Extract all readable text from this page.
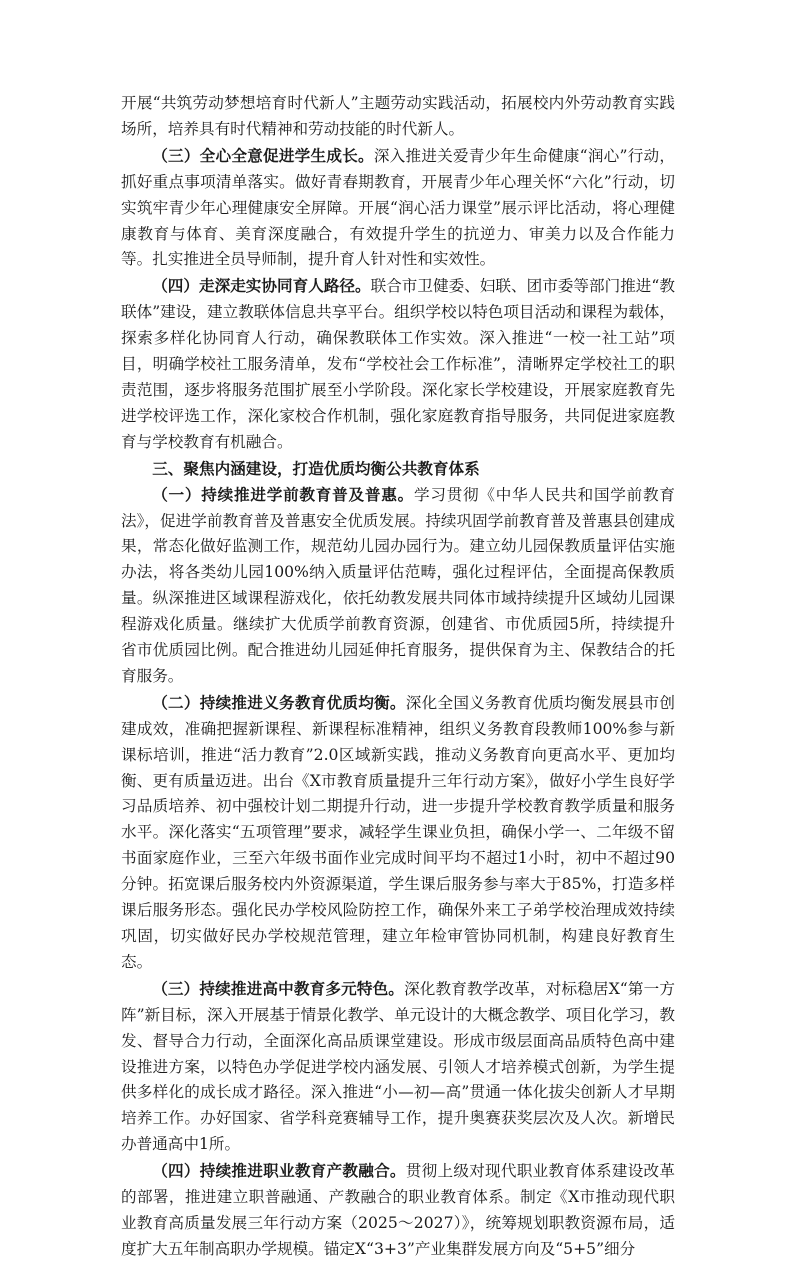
开展“共筑劳动梦想培育时代新人”主题劳动实践活动，拓展校内外劳动教育实践场所，培养具有时代精神和劳动技能的时代新人。

（三）全心全意促进学生成长。深入推进关爱青少年生命健康“润心”行动，抓好重点事项清单落实。做好青春期教育，开展青少年心理关怀“六化”行动，切实筑牢青少年心理健康安全屏障。开展“润心活力课堂”展示评比活动，将心理健康教育与体育、美育深度融合，有效提升学生的抗逆力、审美力以及合作能力等。扎实推进全员导师制，提升育人针对性和实效性。

（四）走深走实协同育人路径。联合市卫健委、妇联、团市委等部门推进“教联体”建设，建立教联体信息共享平台。组织学校以特色项目活动和课程为载体，探索多样化协同育人行动，确保教联体工作实效。深入推进“一校一社工站”项目，明确学校社工服务清单，发布“学校社会工作标准”，清晰界定学校社工的职责范围，逐步将服务范围扩展至小学阶段。深化家长学校建设，开展家庭教育先进学校评选工作，深化家校合作机制，强化家庭教育指导服务，共同促进家庭教育与学校教育有机融合。

三、聚焦内涵建设，打造优质均衡公共教育体系

（一）持续推进学前教育普及普惠。学习贯彻《中华人民共和国学前教育法》，促进学前教育普及普惠安全优质发展。持续巩固学前教育普及普惠县创建成果，常态化做好监测工作，规范幼儿园办园行为。建立幼儿园保教质量评估实施办法，将各类幼儿园100%纳入质量评估范畴，强化过程评估，全面提高保教质量。纵深推进区域课程游戏化，依托幼教发展共同体市域持续提升区域幼儿园课程游戏化质量。继续扩大优质学前教育资源，创建省、市优质园5所，持续提升省市优质园比例。配合推进幼儿园延伸托育服务，提供保育为主、保教结合的托育服务。

（二）持续推进义务教育优质均衡。深化全国义务教育优质均衡发展县市创建成效，准确把握新课程、新课程标准精神，组织义务教育段教师100%参与新课标培训，推进“活力教育”2.0区域新实践，推动义务教育向更高水平、更加均衡、更有质量迈进。出台《X市教育质量提升三年行动方案》，做好小学生良好学习品质培养、初中强校计划二期提升行动，进一步提升学校教育教学质量和服务水平。深化落实“五项管理”要求，减轻学生课业负担，确保小学一、二年级不留书面家庭作业，三至六年级书面作业完成时间平均不超过1小时，初中不超过90分钟。拓宽课后服务校内外资源渠道，学生课后服务参与率大于85%，打造多样课后服务形态。强化民办学校风险防控工作，确保外来工子弟学校治理成效持续巩固，切实做好民办学校规范管理，建立年检审管协同机制，构建良好教育生态。

（三）持续推进高中教育多元特色。深化教育教学改革，对标稳居X“第一方阵”新目标，深入开展基于情景化教学、单元设计的大概念教学、项目化学习，教发、督导合力行动，全面深化高品质课堂建设。形成市级层面高品质特色高中建设推进方案，以特色办学促进学校内涵发展、引领人才培养模式创新，为学生提供多样化的成长成才路径。深入推进“小—初—高”贯通一体化拔尖创新人才早期培养工作。办好国家、省学科竞赛辅导工作，提升奥赛获奖层次及人次。新增民办普通高中1所。

（四）持续推进职业教育产教融合。贯彻上级对现代职业教育体系建设改革的部署，推进建立职普融通、产教融合的职业教育体系。制定《X市推动现代职业教育高质量发展三年行动方案（2025～2027）》，统筹规划职教资源布局，适度扩大五年制高职办学规模。锚定X“3+3”产业集群发展方向及“5+5”细分
